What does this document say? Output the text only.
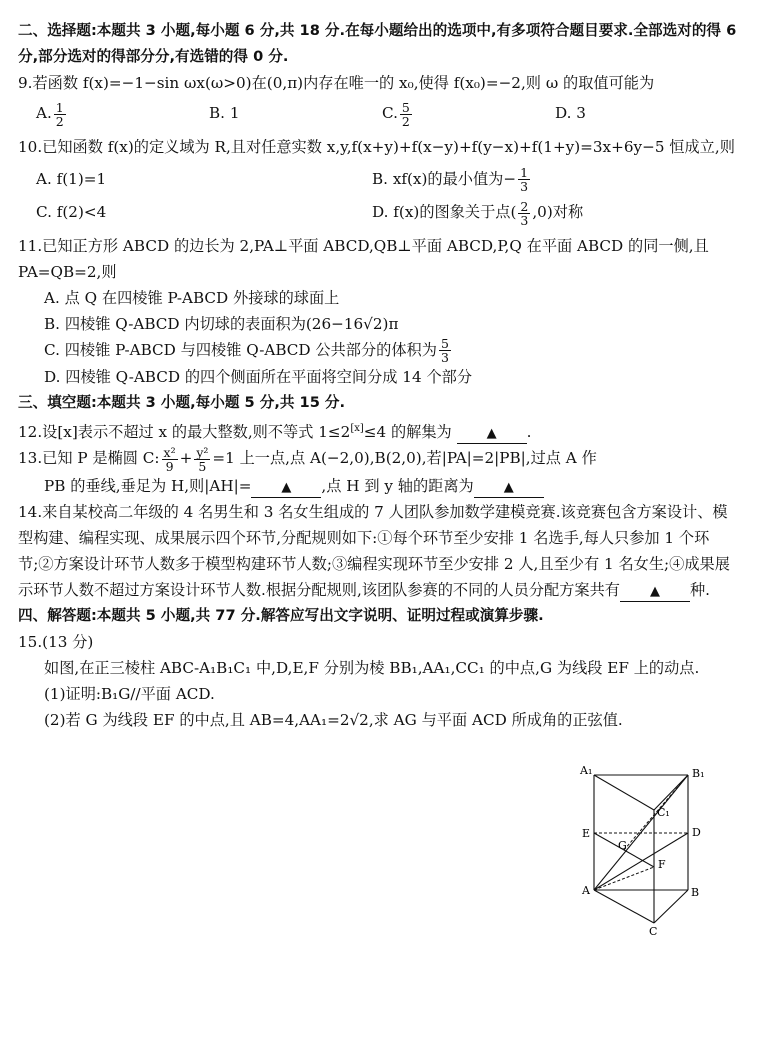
二、选择题:本题共 3 小题,每小题 6 分,共 18 分.在每小题给出的选项中,有多项符合题目要求.全部选对的得 6 分,部分选对的得部分分,有选错的得 0 分.
9.若函数 f(x)=−1−sin ωx(ω>0)在(0,π)内存在唯一的 x₀,使得 f(x₀)=−2,则 ω 的取值可能为
A. $\frac{1}{2}$	B. 1	C. $\frac{5}{2}$	D. 3
10.已知函数 f(x)的定义域为 R,且对任意实数 x,y,f(x+y)+f(x−y)+f(y−x)+f(1+y)=3x+6y−5 恒成立,则
A. f(1)=1	B. xf(x)的最小值为− $\frac{1}{3}$
C. f(2)<4	D. f(x)的图象关于点( $\frac{2}{3} ,0$)对称
11.已知正方形 ABCD 的边长为 2,PA⊥平面 ABCD,QB⊥平面 ABCD,P,Q 在平面 ABCD 的同一侧,且 PA=QB=2,则
A. 点 Q 在四棱锥 P-ABCD 外接球的球面上
B. 四棱锥 Q-ABCD 内切球的表面积为(26−16√2)π
C. 四棱锥 P-ABCD 与四棱锥 Q-ABCD 公共部分的体积为 $\frac{5}{3}$
D. 四棱锥 Q-ABCD 的四个侧面所在平面将空间分成 14 个部分
三、填空题:本题共 3 小题,每小题 5 分,共 15 分.
12.设[x]表示不超过 x 的最大整数,则不等式 1≤2[x]≤4 的解集为	▲ .
13.已知 P 是椭圆 C: $\frac{\text{x²}}{9} + \frac{\text{y²}}{5} =1$ 上一点,点 A(−2,0),B(2,0),若|PA|=2|PB|,过点 A 作
PB 的垂线,垂足为 H,则|AH|= ▲ ,点 H 到 y 轴的距离为 ▲
14.来自某校高二年级的 4 名男生和 3 名女生组成的 7 人团队参加数学建模竞赛.该竞赛包含方案设计、模型构建、编程实现、成果展示四个环节,分配规则如下:①每个环节至少安排 1 名选手,每人只参加 1 个环节;②方案设计环节人数多于模型构建环节人数;③编程实现环节至少安排 2 人,且至少有 1 名女生;④成果展示环节人数不超过方案设计环节人数.根据分配规则,该团队参赛的不同的人员分配方案共有 ▲ 种.
四、解答题:本题共 5 小题,共 77 分.解答应写出文字说明、证明过程或演算步骤.
15.(13 分)
如图,在正三棱柱 ABC-A₁B₁C₁ 中,D,E,F 分别为棱 BB₁,AA₁,CC₁ 的中点,G 为线段 EF 上的动点.
(1)证明:B₁G//平面 ACD.
(2)若 G 为线段 EF 的中点,且 AB=4,AA₁=2√2,求 AG 与平面 ACD 所成角的正弦值.
A₁	B₁
C₁
E	D
G
F
A	B
C
